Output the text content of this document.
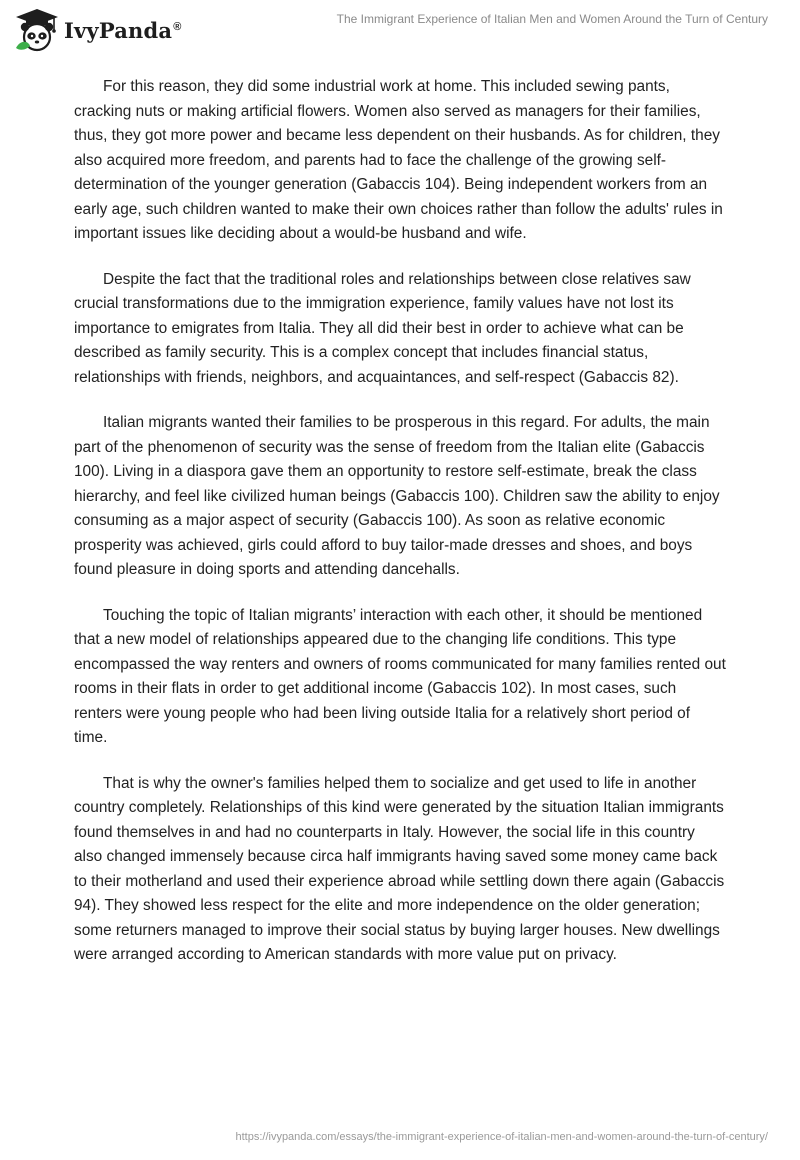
IvyPanda®
The Immigrant Experience of Italian Men and Women Around the Turn of Century

For this reason, they did some industrial work at home. This included sewing pants, cracking nuts or making artificial flowers. Women also served as managers for their families, thus, they got more power and became less dependent on their husbands. As for children, they also acquired more freedom, and parents had to face the challenge of the growing self-determination of the younger generation (Gabaccis 104). Being independent workers from an early age, such children wanted to make their own choices rather than follow the adults' rules in important issues like deciding about a would-be husband and wife.

Despite the fact that the traditional roles and relationships between close relatives saw crucial transformations due to the immigration experience, family values have not lost its importance to emigrates from Italia. They all did their best in order to achieve what can be described as family security. This is a complex concept that includes financial status, relationships with friends, neighbors, and acquaintances, and self-respect (Gabaccis 82).

Italian migrants wanted their families to be prosperous in this regard. For adults, the main part of the phenomenon of security was the sense of freedom from the Italian elite (Gabaccis 100). Living in a diaspora gave them an opportunity to restore self-estimate, break the class hierarchy, and feel like civilized human beings (Gabaccis 100). Children saw the ability to enjoy consuming as a major aspect of security (Gabaccis 100). As soon as relative economic prosperity was achieved, girls could afford to buy tailor-made dresses and shoes, and boys found pleasure in doing sports and attending dancehalls.

Touching the topic of Italian migrants’ interaction with each other, it should be mentioned that a new model of relationships appeared due to the changing life conditions. This type encompassed the way renters and owners of rooms communicated for many families rented out rooms in their flats in order to get additional income (Gabaccis 102). In most cases, such renters were young people who had been living outside Italia for a relatively short period of time.

That is why the owner's families helped them to socialize and get used to life in another country completely. Relationships of this kind were generated by the situation Italian immigrants found themselves in and had no counterparts in Italy. However, the social life in this country also changed immensely because circa half immigrants having saved some money came back to their motherland and used their experience abroad while settling down there again (Gabaccis 94). They showed less respect for the elite and more independence on the older generation; some returners managed to improve their social status by buying larger houses. New dwellings were arranged according to American standards with more value put on privacy.

https://ivypanda.com/essays/the-immigrant-experience-of-italian-men-and-women-around-the-turn-of-century/
